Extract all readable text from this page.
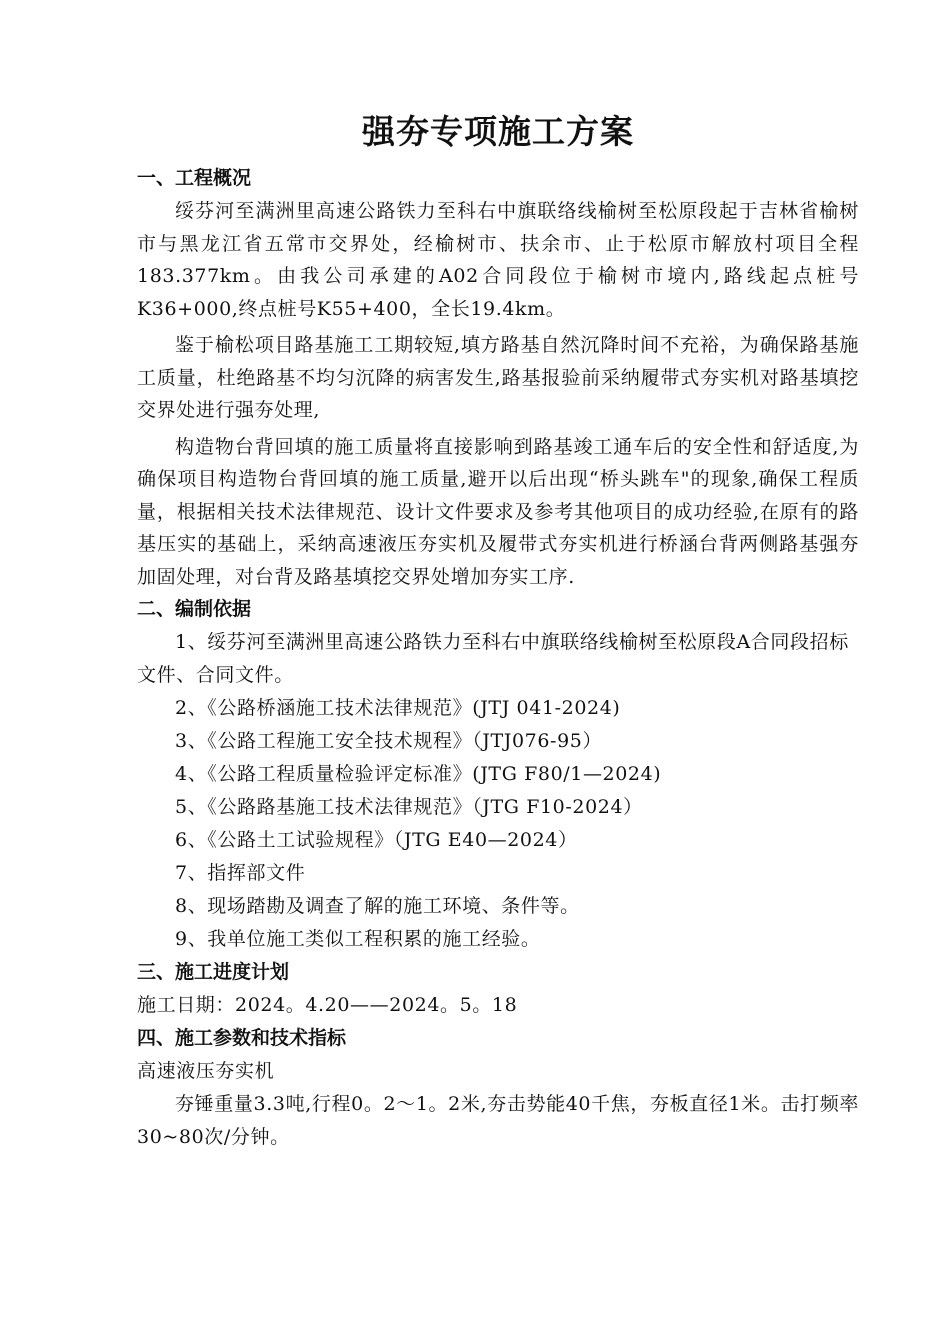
强夯专项施工方案
一、工程概况

绥芬河至满洲里高速公路铁力至科右中旗联络线榆树至松原段起于吉林省榆树市与黑龙江省五常市交界处，经榆树市、扶余市、止于松原市解放村项目全程183.377km。由我公司承建的A02合同段位于榆树市境内,路线起点桩号K36+000,终点桩号K55+400，全长19.4km。

鉴于榆松项目路基施工工期较短,填方路基自然沉降时间不充裕，为确保路基施工质量，杜绝路基不均匀沉降的病害发生,路基报验前采纳履带式夯实机对路基填挖交界处进行强夯处理,

构造物台背回填的施工质量将直接影响到路基竣工通车后的安全性和舒适度,为确保项目构造物台背回填的施工质量,避开以后出现“桥头跳车"的现象,确保工程质量，根据相关技术法律规范、设计文件要求及参考其他项目的成功经验,在原有的路基压实的基础上，采纳高速液压夯实机及履带式夯实机进行桥涵台背两侧路基强夯加固处理，对台背及路基填挖交界处增加夯实工序.

二、编制依据

1、绥芬河至满洲里高速公路铁力至科右中旗联络线榆树至松原段A合同段招标文件、合同文件。

2、《公路桥涵施工技术法律规范》(JTJ 041-2024)

3、《公路工程施工安全技术规程》（JTJ076-95）

4、《公路工程质量检验评定标准》(JTG F80/1—2024)

5、《公路路基施工技术法律规范》（JTG F10-2024）

6、《公路土工试验规程》（JTG E40—2024）

7、指挥部文件

8、现场踏勘及调查了解的施工环境、条件等。

9、我单位施工类似工程积累的施工经验。

三、施工进度计划

施工日期：2024。4.20——2024。5。18

四、施工参数和技术指标

高速液压夯实机

夯锤重量3.3吨,行程0。2～1。2米,夯击势能40千焦，夯板直径1米。击打频率30~80次/分钟。
